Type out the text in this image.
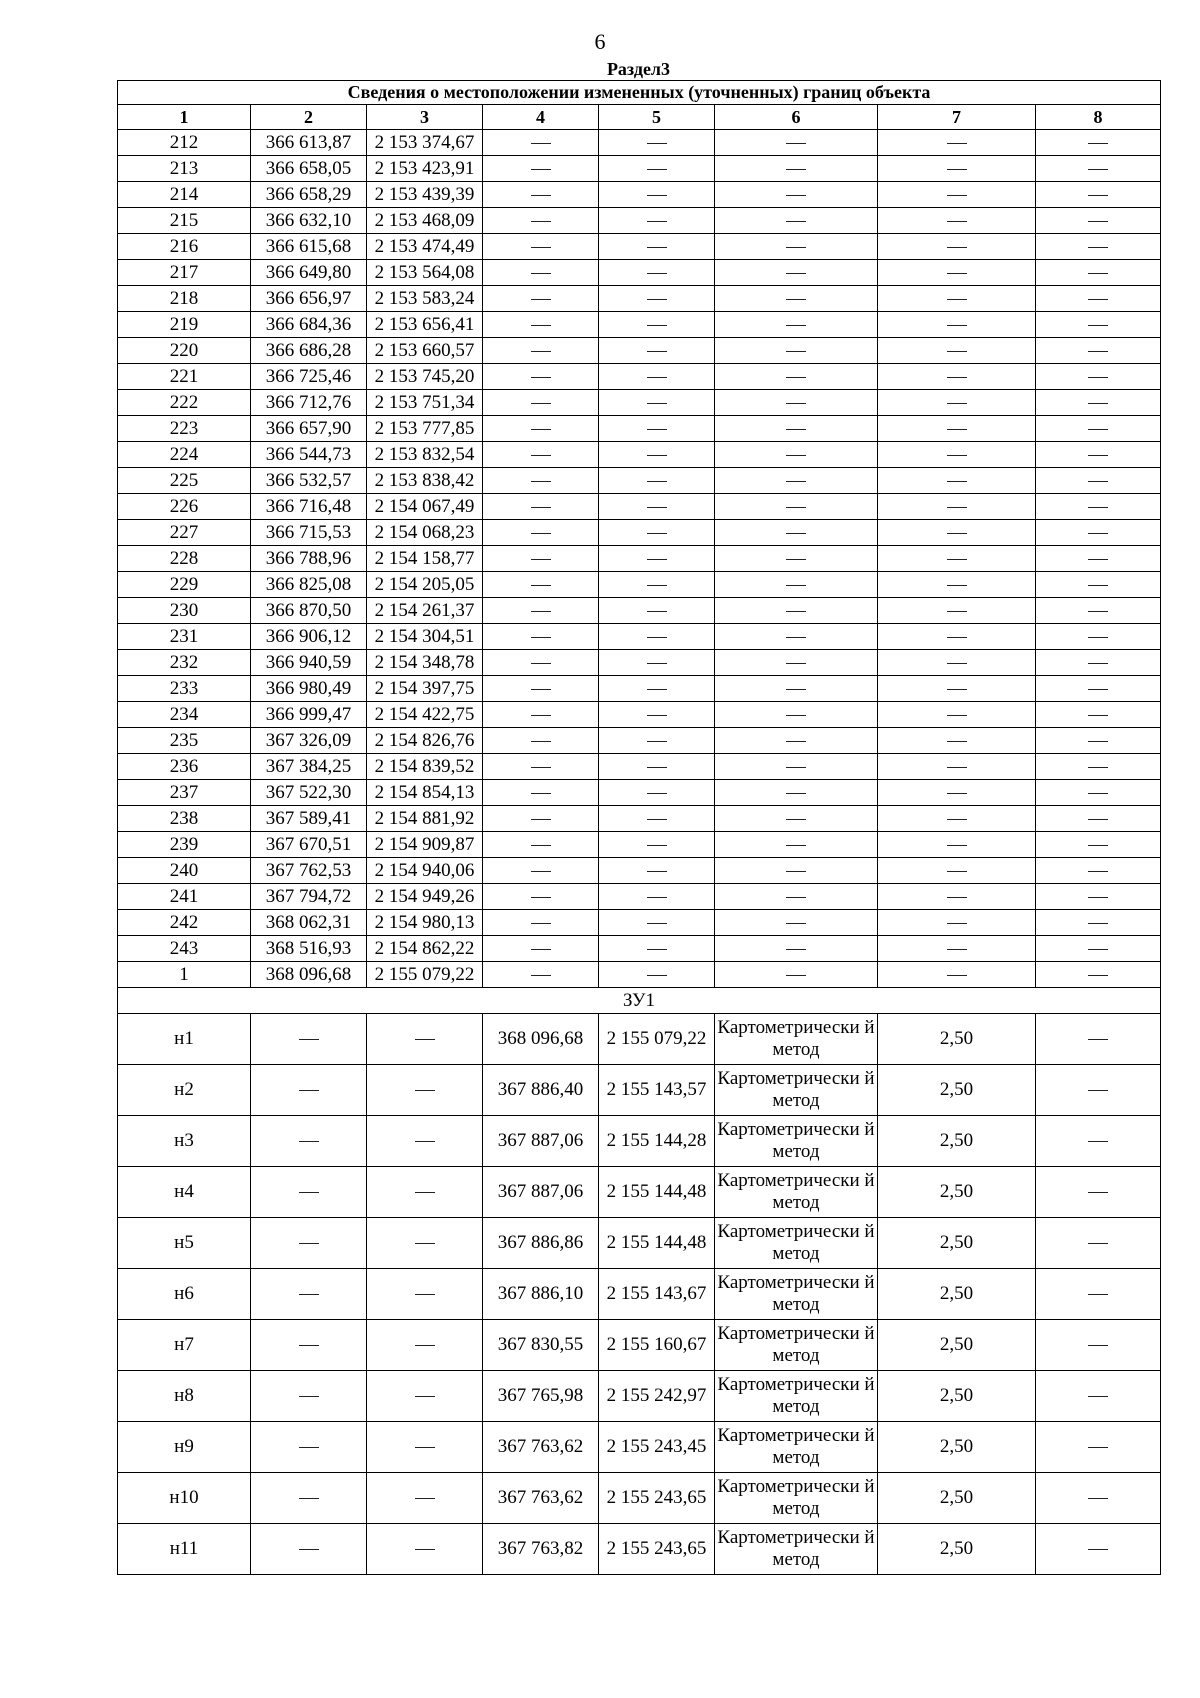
6
Раздел3
Сведения о местоположении измененных (уточненных) границ объекта							
1	2	3	4	5	6	7	8
212	366 613,87	2 153 374,67					
213	366 658,05	2 153 423,91					
214	366 658,29	2 153 439,39					
215	366 632,10	2 153 468,09					
216	366 615,68	2 153 474,49					
217	366 649,80	2 153 564,08					
218	366 656,97	2 153 583,24					
219	366 684,36	2 153 656,41					
220	366 686,28	2 153 660,57					
221	366 725,46	2 153 745,20					
222	366 712,76	2 153 751,34					
223	366 657,90	2 153 777,85					
224	366 544,73	2 153 832,54					
225	366 532,57	2 153 838,42					
226	366 716,48	2 154 067,49					
227	366 715,53	2 154 068,23					
228	366 788,96	2 154 158,77					
229	366 825,08	2 154 205,05					
230	366 870,50	2 154 261,37					
231	366 906,12	2 154 304,51					
232	366 940,59	2 154 348,78					
233	366 980,49	2 154 397,75					
234	366 999,47	2 154 422,75					
235	367 326,09	2 154 826,76					
236	367 384,25	2 154 839,52					
237	367 522,30	2 154 854,13					
238	367 589,41	2 154 881,92					
239	367 670,51	2 154 909,87					
240	367 762,53	2 154 940,06					
241	367 794,72	2 154 949,26					
242	368 062,31	2 154 980,13					
243	368 516,93	2 154 862,22					
1	368 096,68	2 155 079,22					
ЗУ1							
н1			368 096,68	2 155 079,22	Картометрически й метод	2,50	
н2			367 886,40	2 155 143,57	Картометрически й метод	2,50	
н3			367 887,06	2 155 144,28	Картометрически й метод	2,50	
н4			367 887,06	2 155 144,48	Картометрически й метод	2,50	
н5			367 886,86	2 155 144,48	Картометрически й метод	2,50	
н6			367 886,10	2 155 143,67	Картометрически й метод	2,50	
н7			367 830,55	2 155 160,67	Картометрически й метод	2,50	
н8			367 765,98	2 155 242,97	Картометрически й метод	2,50	
н9			367 763,62	2 155 243,45	Картометрически й метод	2,50	
н10			367 763,62	2 155 243,65	Картометрически й метод	2,50	
н11			367 763,82	2 155 243,65	Картометрически й метод	2,50	
